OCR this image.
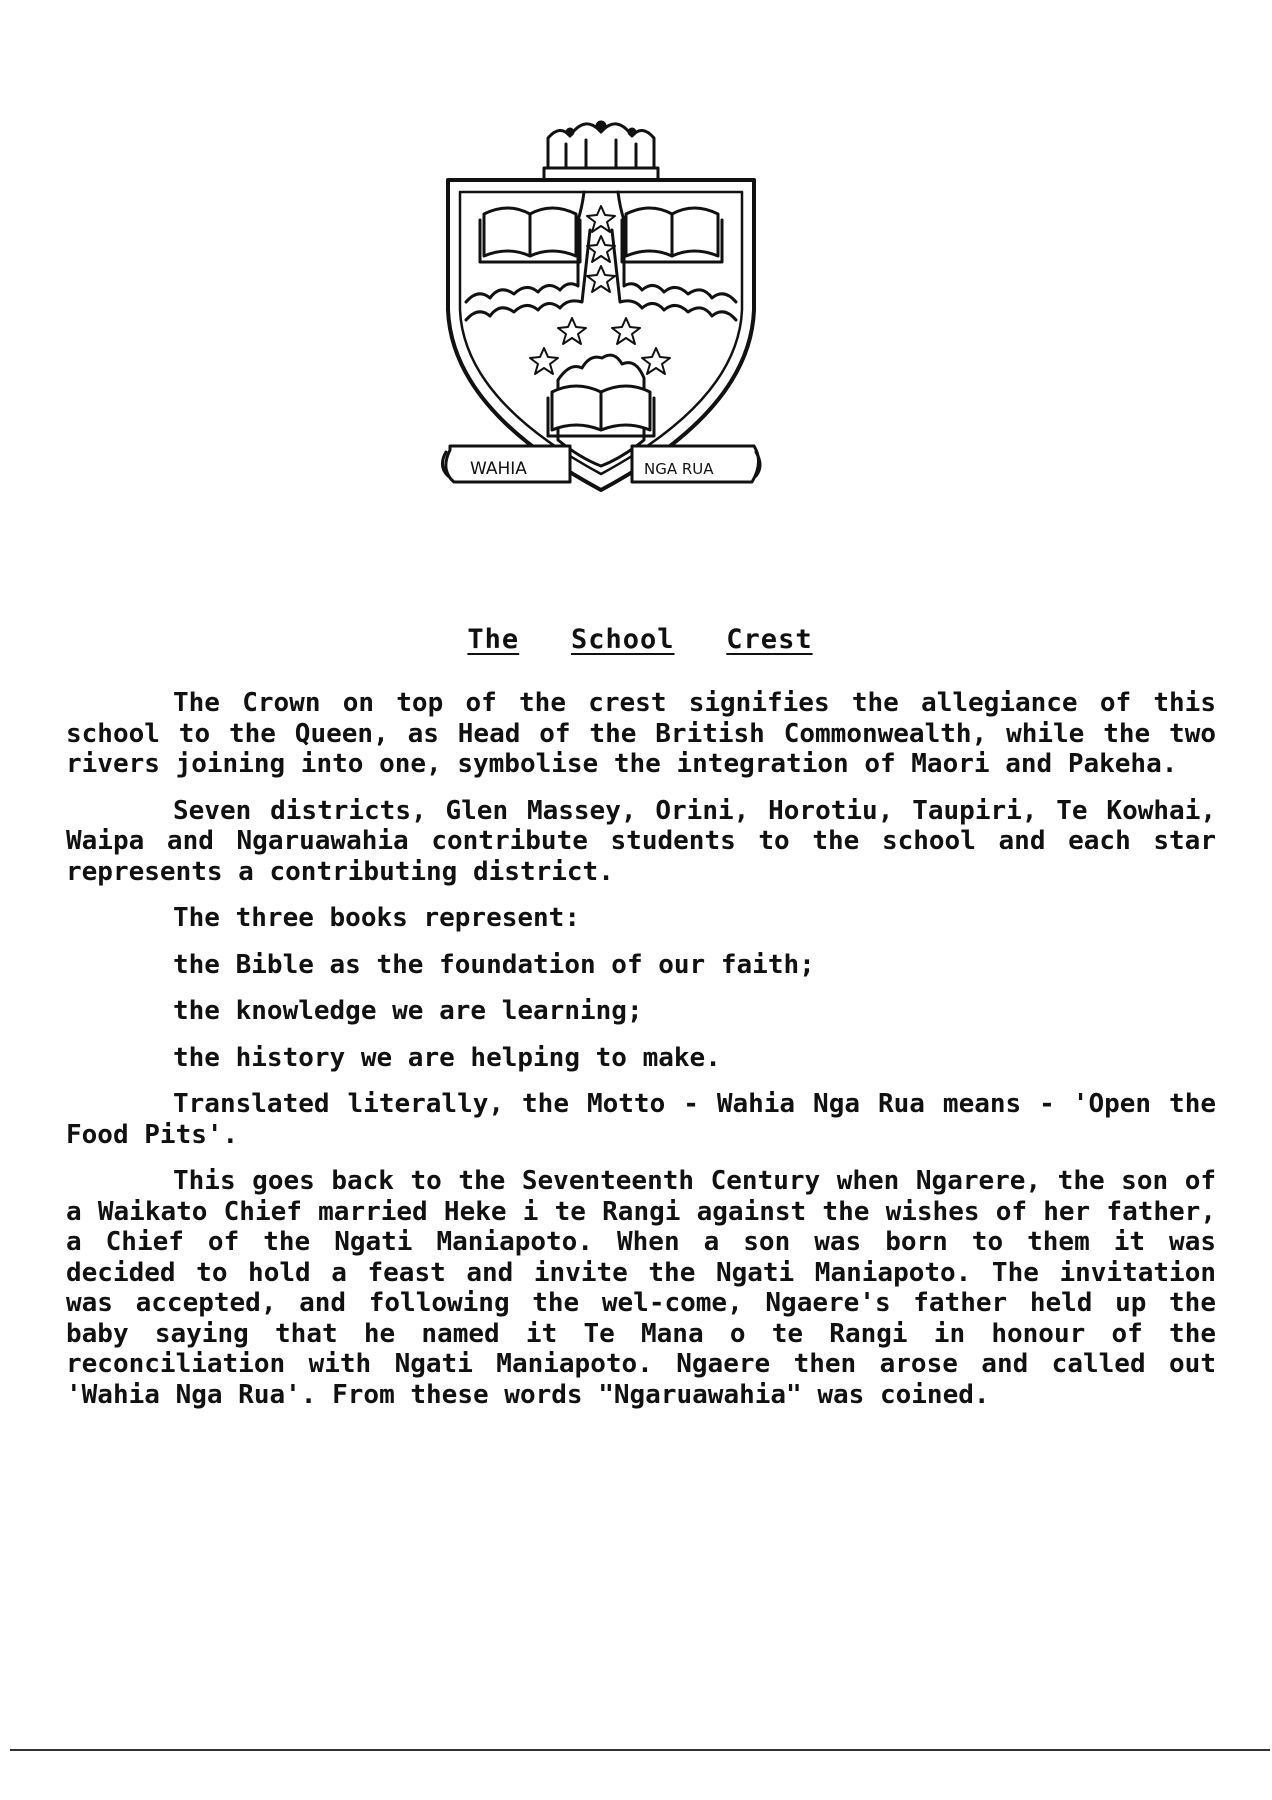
WAHIA	NGA RUA
The School Crest

The Crown on top of the crest signifies the allegiance of this school to the Queen, as Head of the British Commonwealth, while the two rivers joining into one, symbolise the integration of Maori and Pakeha.

Seven districts, Glen Massey, Orini, Horotiu, Taupiri, Te Kowhai, Waipa and Ngaruawahia contribute students to the school and each star represents a contributing district.

The three books represent:

the Bible as the foundation of our faith;

the knowledge we are learning;

the history we are helping to make.

Translated literally, the Motto - Wahia Nga Rua means - 'Open the Food Pits'.

This goes back to the Seventeenth Century when Ngarere, the son of a Waikato Chief married Heke i te Rangi against the wishes of her father, a Chief of the Ngati Maniapoto. When a son was born to them it was decided to hold a feast and invite the Ngati Maniapoto. The invitation was accepted, and following the wel-come, Ngaere's father held up the baby saying that he named it Te Mana o te Rangi in honour of the reconciliation with Ngati Maniapoto. Ngaere then arose and called out 'Wahia Nga Rua'. From these words "Ngaruawahia" was coined.
